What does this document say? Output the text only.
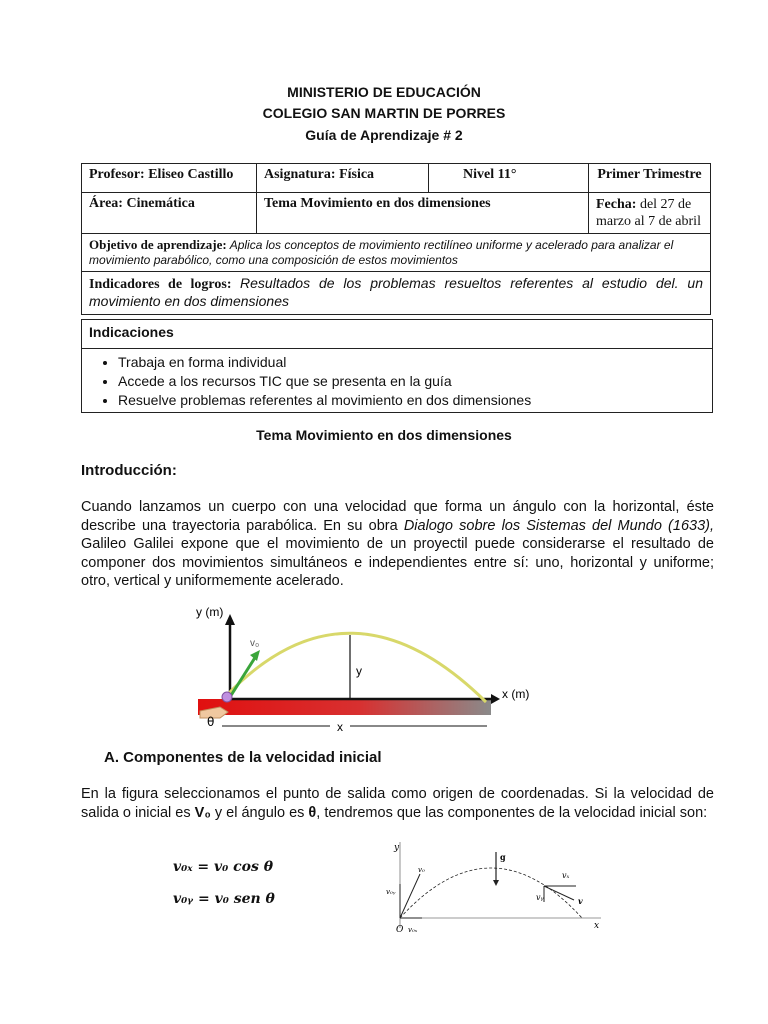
MINISTERIO DE EDUCACIÓN
COLEGIO SAN MARTIN DE PORRES
Guía de Aprendizaje # 2
Profesor: Eliseo Castillo	Asignatura: Física	Nivel 11°	Primer Trimestre
Área: Cinemática	Tema Movimiento en dos dimensiones		Fecha: del 27 de marzo al 7 de abril
Objetivo de aprendizaje: Aplica los conceptos de movimiento rectilíneo uniforme y acelerado para analizar el movimiento parabólico, como una composición de estos movimientos			
Indicadores de logros: Resultados de los problemas resueltos referentes al estudio del. un movimiento en dos dimensiones			
Indicaciones
• Trabaja en forma individual
• Accede a los recursos TIC que se presenta en la guía
• Resuelve problemas referentes al movimiento en dos dimensiones
Tema Movimiento en dos dimensiones
Introducción:
Cuando lanzamos un cuerpo con una velocidad que forma un ángulo con la horizontal, éste describe una trayectoria parabólica. En su obra Dialogo sobre los Sistemas del Mundo (1633), Galileo Galilei expone que el movimiento de un proyectil puede considerarse el resultado de componer dos movimientos simultáneos e independientes entre sí: uno, horizontal y uniforme; otro, vertical y uniformemente acelerado.
y (m)
x (m)
v₀
y
x
θ
A. Componentes de la velocidad inicial
En la figura seleccionamos el punto de salida como origen de coordenadas. Si la velocidad de salida o inicial es V₀ y el ángulo es θ, tendremos que las componentes de la velocidad inicial son:
v₀ₓ = v₀ cos θ
v₀ᵧ = v₀ sen θ
y
x
O
g
vₓ
vᵧ	v
v₀ᵧ
v₀ₓ
v₀
